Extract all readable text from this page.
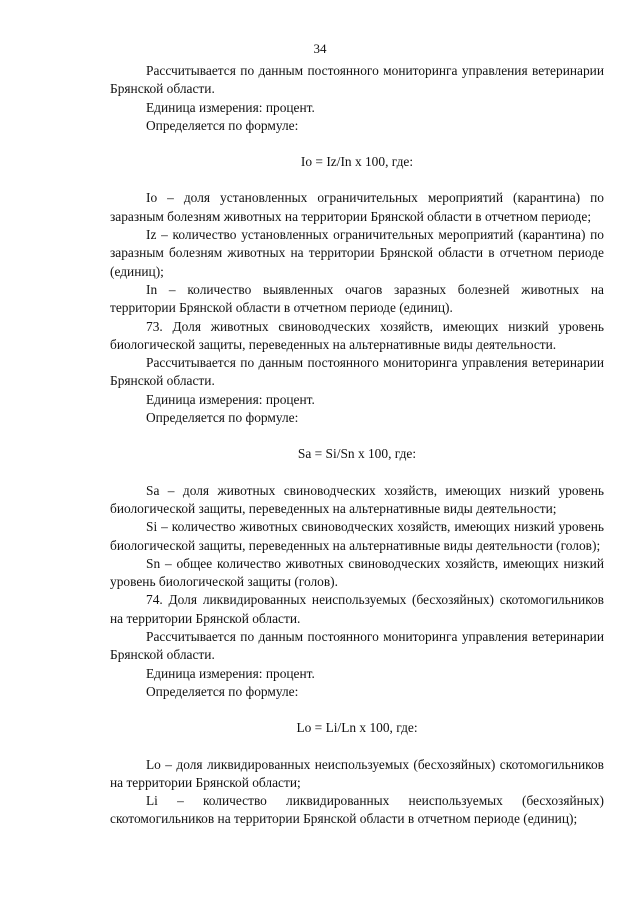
34

Рассчитывается по данным постоянного мониторинга управления ветеринарии Брянской области.

Единица измерения: процент.

Определяется по формуле:

Io = Iz/In x 100, где:

Io – доля установленных ограничительных мероприятий (карантина) по заразным болезням животных на территории Брянской области в отчетном периоде;

Iz – количество установленных ограничительных мероприятий (карантина) по заразным болезням животных на территории Брянской области в отчетном периоде (единиц);

In – количество выявленных очагов заразных болезней животных на территории Брянской области в отчетном периоде (единиц).

73. Доля животных свиноводческих хозяйств, имеющих низкий уровень биологической защиты, переведенных на альтернативные виды деятельности.

Рассчитывается по данным постоянного мониторинга управления ветеринарии Брянской области.

Единица измерения: процент.

Определяется по формуле:

Sa = Si/Sn x 100, где:

Sa – доля животных свиноводческих хозяйств, имеющих низкий уровень биологической защиты, переведенных на альтернативные виды деятельности;

Si – количество животных свиноводческих хозяйств, имеющих низкий уровень биологической защиты, переведенных на альтернативные виды деятельности (голов);

Sn – общее количество животных свиноводческих хозяйств, имеющих низкий уровень биологической защиты (голов).

74. Доля ликвидированных неиспользуемых (бесхозяйных) скотомогильников на территории Брянской области.

Рассчитывается по данным постоянного мониторинга управления ветеринарии Брянской области.

Единица измерения: процент.

Определяется по формуле:

Lo = Li/Ln x 100, где:

Lo – доля ликвидированных неиспользуемых (бесхозяйных) скотомогильников на территории Брянской области;

Li – количество ликвидированных неиспользуемых (бесхозяйных) скотомогильников на территории Брянской области в отчетном периоде (единиц);
